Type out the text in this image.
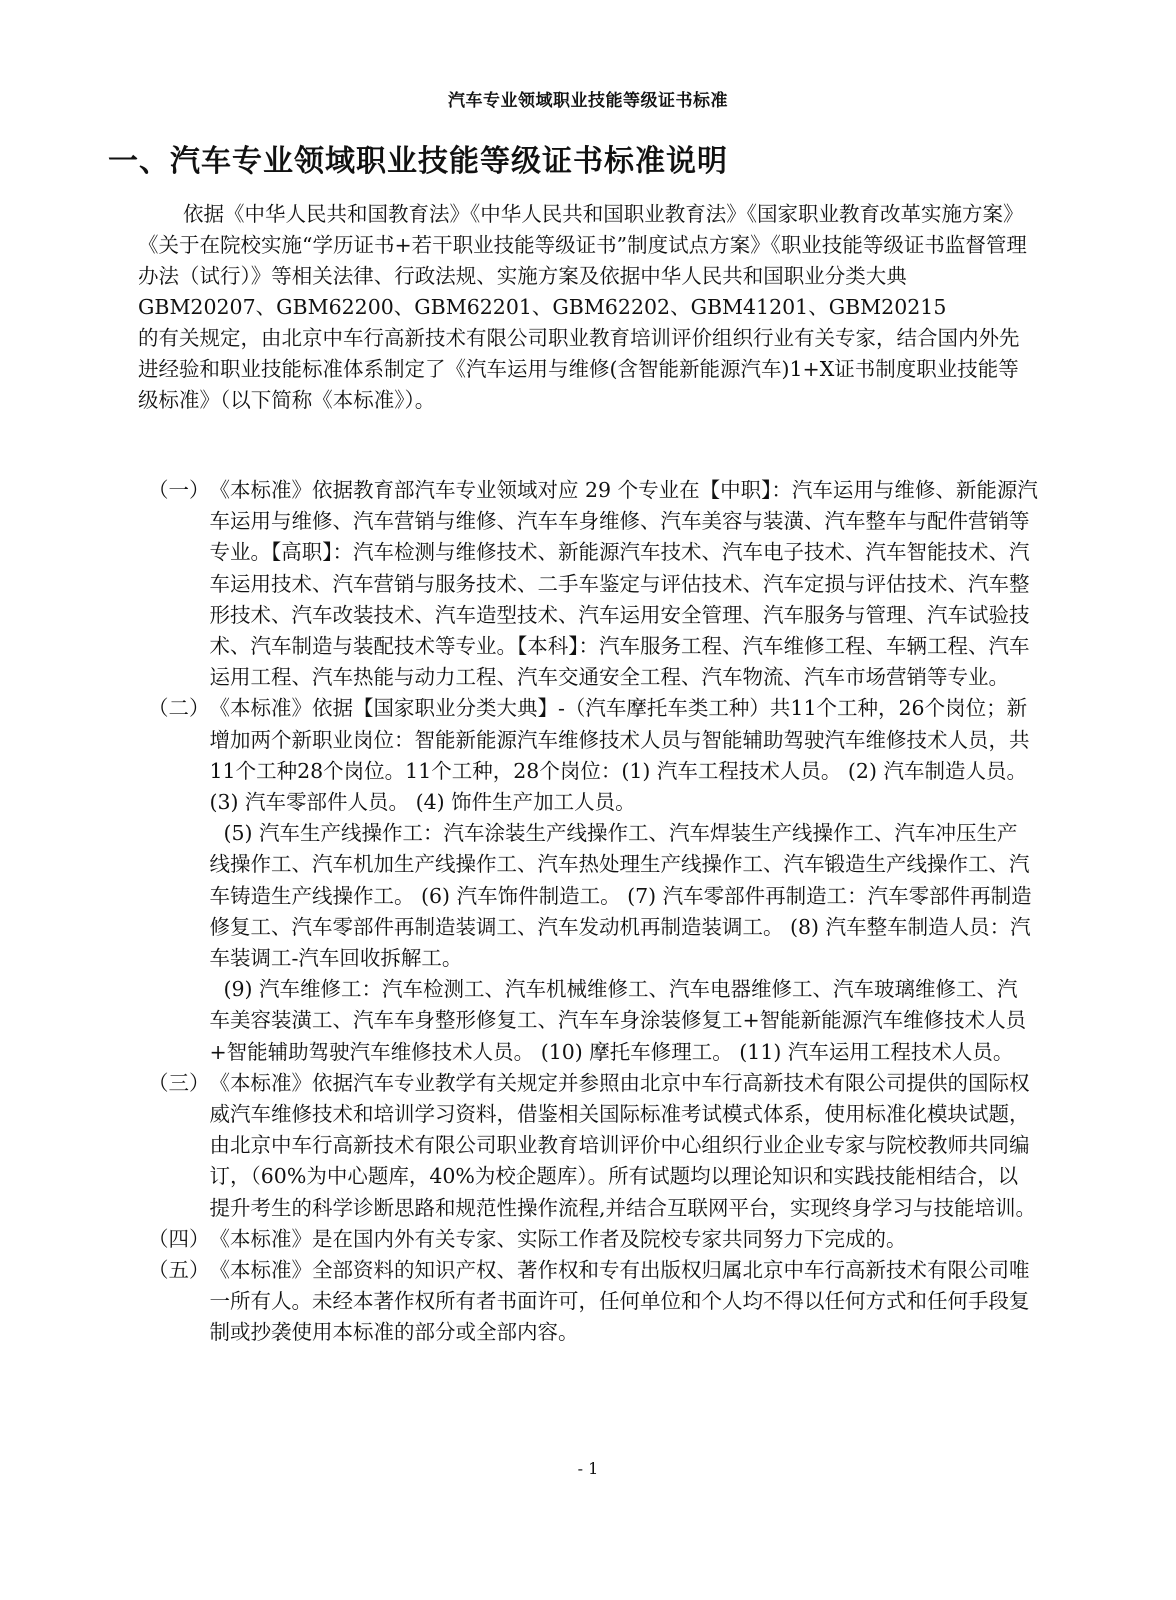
汽车专业领域职业技能等级证书标准
一、汽车专业领域职业技能等级证书标准说明

依据《中华人民共和国教育法》《中华人民共和国职业教育法》《国家职业教育改革实施方案》《关于在院校实施“学历证书+若干职业技能等级证书”制度试点方案》《职业技能等级证书监督管理办法（试行）》等相关法律、行政法规、实施方案及依据中华人民共和国职业分类大典 GBM20207、GBM62200、GBM62201、GBM62202、GBM41201、GBM20215

的有关规定，由北京中车行高新技术有限公司职业教育培训评价组织行业有关专家，结合国内外先进经验和职业技能标准体系制定了《汽车运用与维修(含智能新能源汽车)1+X证书制度职业技能等级标准》（以下简称《本标准》）。

（一） 《本标准》依据教育部汽车专业领域对应 29 个专业在【中职】：汽车运用与维修、新能源汽车运用与维修、汽车营销与维修、汽车车身维修、汽车美容与装潢、汽车整车与配件营销等专业。【高职】：汽车检测与维修技术、新能源汽车技术、汽车电子技术、汽车智能技术、汽车运用技术、汽车营销与服务技术、二手车鉴定与评估技术、汽车定损与评估技术、汽车整形技术、汽车改装技术、汽车造型技术、汽车运用安全管理、汽车服务与管理、汽车试验技术、汽车制造与装配技术等专业。【本科】：汽车服务工程、汽车维修工程、车辆工程、汽车运用工程、汽车热能与动力工程、汽车交通安全工程、汽车物流、汽车市场营销等专业。

（二） 《本标准》依据【国家职业分类大典】-（汽车摩托车类工种）共11个工种，26个岗位；新增加两个新职业岗位：智能新能源汽车维修技术人员与智能辅助驾驶汽车维修技术人员，共11个工种28个岗位。11个工种，28个岗位：(1) 汽车工程技术人员。 (2) 汽车制造人员。 (3) 汽车零部件人员。 (4) 饰件生产加工人员。

(5) 汽车生产线操作工：汽车涂装生产线操作工、汽车焊装生产线操作工、汽车冲压生产线操作工、汽车机加生产线操作工、汽车热处理生产线操作工、汽车锻造生产线操作工、汽车铸造生产线操作工。 (6) 汽车饰件制造工。 (7) 汽车零部件再制造工：汽车零部件再制造修复工、汽车零部件再制造装调工、汽车发动机再制造装调工。 (8) 汽车整车制造人员：汽车装调工-汽车回收拆解工。

(9) 汽车维修工：汽车检测工、汽车机械维修工、汽车电器维修工、汽车玻璃维修工、汽车美容装潢工、汽车车身整形修复工、汽车车身涂装修复工+智能新能源汽车维修技术人员+智能辅助驾驶汽车维修技术人员。 (10) 摩托车修理工。 (11) 汽车运用工程技术人员。

（三） 《本标准》依据汽车专业教学有关规定并参照由北京中车行高新技术有限公司提供的国际权威汽车维修技术和培训学习资料，借鉴相关国际标准考试模式体系，使用标准化模块试题，由北京中车行高新技术有限公司职业教育培训评价中心组织行业企业专家与院校教师共同编订，（60%为中心题库，40%为校企题库）。所有试题均以理论知识和实践技能相结合，以提升考生的科学诊断思路和规范性操作流程,并结合互联网平台，实现终身学习与技能培训。

（四） 《本标准》是在国内外有关专家、实际工作者及院校专家共同努力下完成的。

（五） 《本标准》全部资料的知识产权、著作权和专有出版权归属北京中车行高新技术有限公司唯一所有人。未经本著作权所有者书面许可，任何单位和个人均不得以任何方式和任何手段复制或抄袭使用本标准的部分或全部内容。

- 1
